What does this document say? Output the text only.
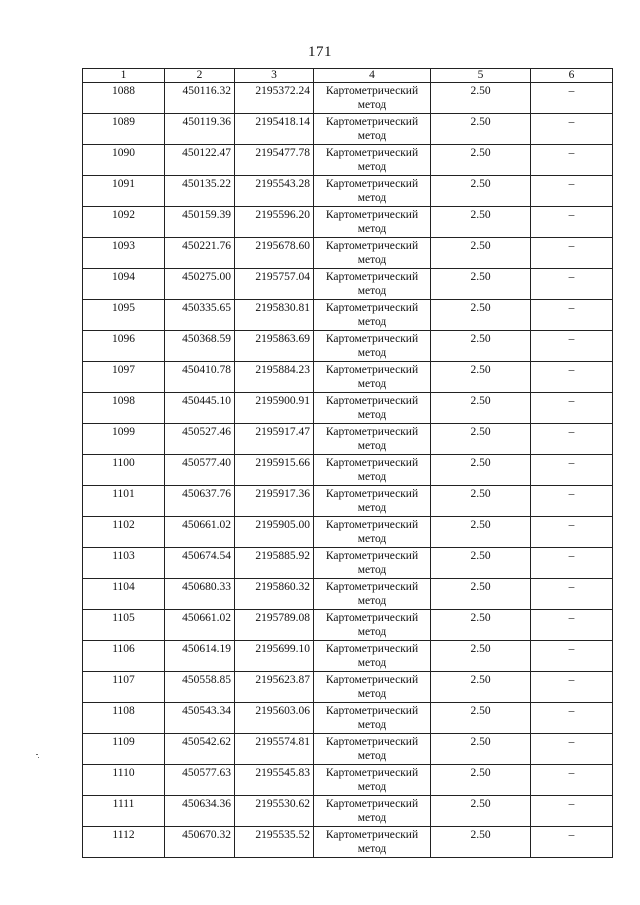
171
1	2	3	4	5	6
1088	450116.32	2195372.24	Картометрический метод	2.50	–
1089	450119.36	2195418.14	Картометрический метод	2.50	–
1090	450122.47	2195477.78	Картометрический метод	2.50	–
1091	450135.22	2195543.28	Картометрический метод	2.50	–
1092	450159.39	2195596.20	Картометрический метод	2.50	–
1093	450221.76	2195678.60	Картометрический метод	2.50	–
1094	450275.00	2195757.04	Картометрический метод	2.50	–
1095	450335.65	2195830.81	Картометрический метод	2.50	–
1096	450368.59	2195863.69	Картометрический метод	2.50	–
1097	450410.78	2195884.23	Картометрический метод	2.50	–
1098	450445.10	2195900.91	Картометрический метод	2.50	–
1099	450527.46	2195917.47	Картометрический метод	2.50	–
1100	450577.40	2195915.66	Картометрический метод	2.50	–
1101	450637.76	2195917.36	Картометрический метод	2.50	–
1102	450661.02	2195905.00	Картометрический метод	2.50	–
1103	450674.54	2195885.92	Картометрический метод	2.50	–
1104	450680.33	2195860.32	Картометрический метод	2.50	–
1105	450661.02	2195789.08	Картометрический метод	2.50	–
1106	450614.19	2195699.10	Картометрический метод	2.50	–
1107	450558.85	2195623.87	Картометрический метод	2.50	–
1108	450543.34	2195603.06	Картометрический метод	2.50	–
1109	450542.62	2195574.81	Картометрический метод	2.50	–
1110	450577.63	2195545.83	Картометрический метод	2.50	–
1111	450634.36	2195530.62	Картометрический метод	2.50	–
1112	450670.32	2195535.52	Картометрический метод	2.50	–
